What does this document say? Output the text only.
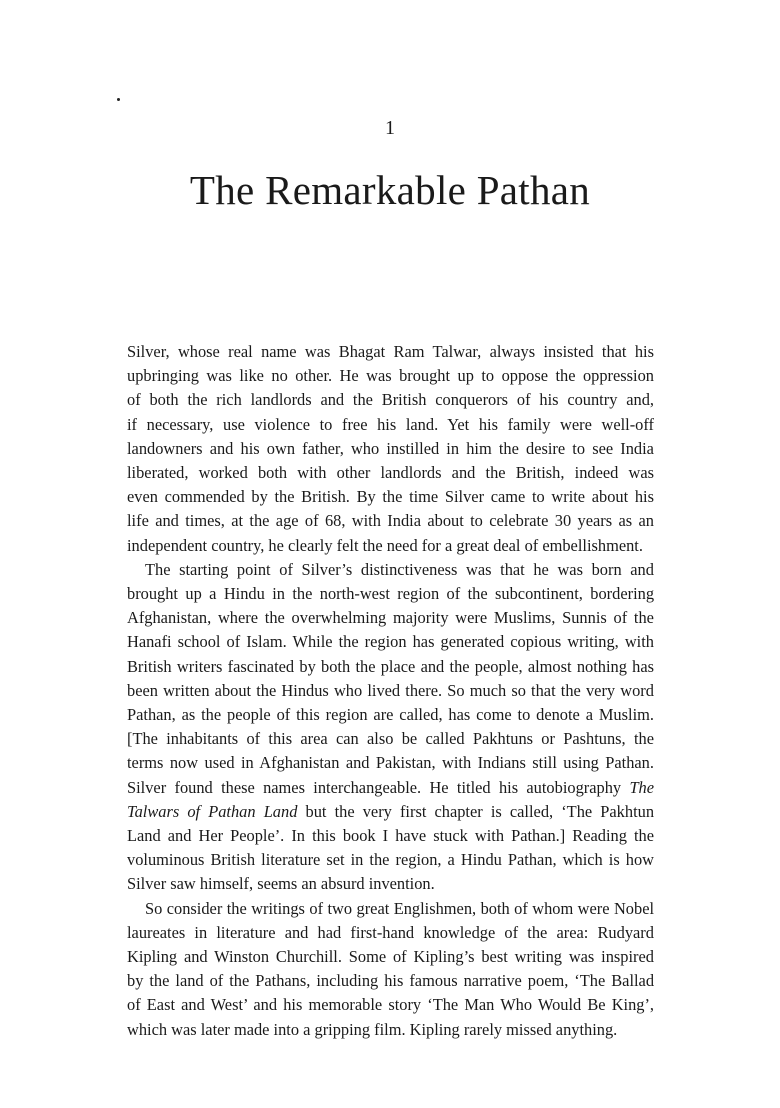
1
The Remarkable Pathan
Silver, whose real name was Bhagat Ram Talwar, always insisted that his
upbringing was like no other. He was brought up to oppose the oppression
of both the rich landlords and the British conquerors of his country and,
if necessary, use violence to free his land. Yet his family were well-off
landowners and his own father, who instilled in him the desire to see India
liberated, worked both with other landlords and the British, indeed was
even commended by the British. By the time Silver came to write about his
life and times, at the age of 68, with India about to celebrate 30 years as an
independent country, he clearly felt the need for a great deal of embellishment.
The starting point of Silver’s distinctiveness was that he was born and
brought up a Hindu in the north-west region of the subcontinent, bordering
Afghanistan, where the overwhelming majority were Muslims, Sunnis of the
Hanafi school of Islam. While the region has generated copious writing, with
British writers fascinated by both the place and the people, almost nothing has
been written about the Hindus who lived there. So much so that the very word
Pathan, as the people of this region are called, has come to denote a Muslim.
[The inhabitants of this area can also be called Pakhtuns or Pashtuns, the
terms now used in Afghanistan and Pakistan, with Indians still using Pathan.
Silver found these names interchangeable. He titled his autobiography The
Talwars of Pathan Land but the very first chapter is called, ‘The Pakhtun
Land and Her People’. In this book I have stuck with Pathan.] Reading the
voluminous British literature set in the region, a Hindu Pathan, which is how
Silver saw himself, seems an absurd invention.
So consider the writings of two great Englishmen, both of whom were Nobel
laureates in literature and had first-hand knowledge of the area: Rudyard
Kipling and Winston Churchill. Some of Kipling’s best writing was inspired
by the land of the Pathans, including his famous narrative poem, ‘The Ballad
of East and West’ and his memorable story ‘The Man Who Would Be King’,
which was later made into a gripping film. Kipling rarely missed anything.
